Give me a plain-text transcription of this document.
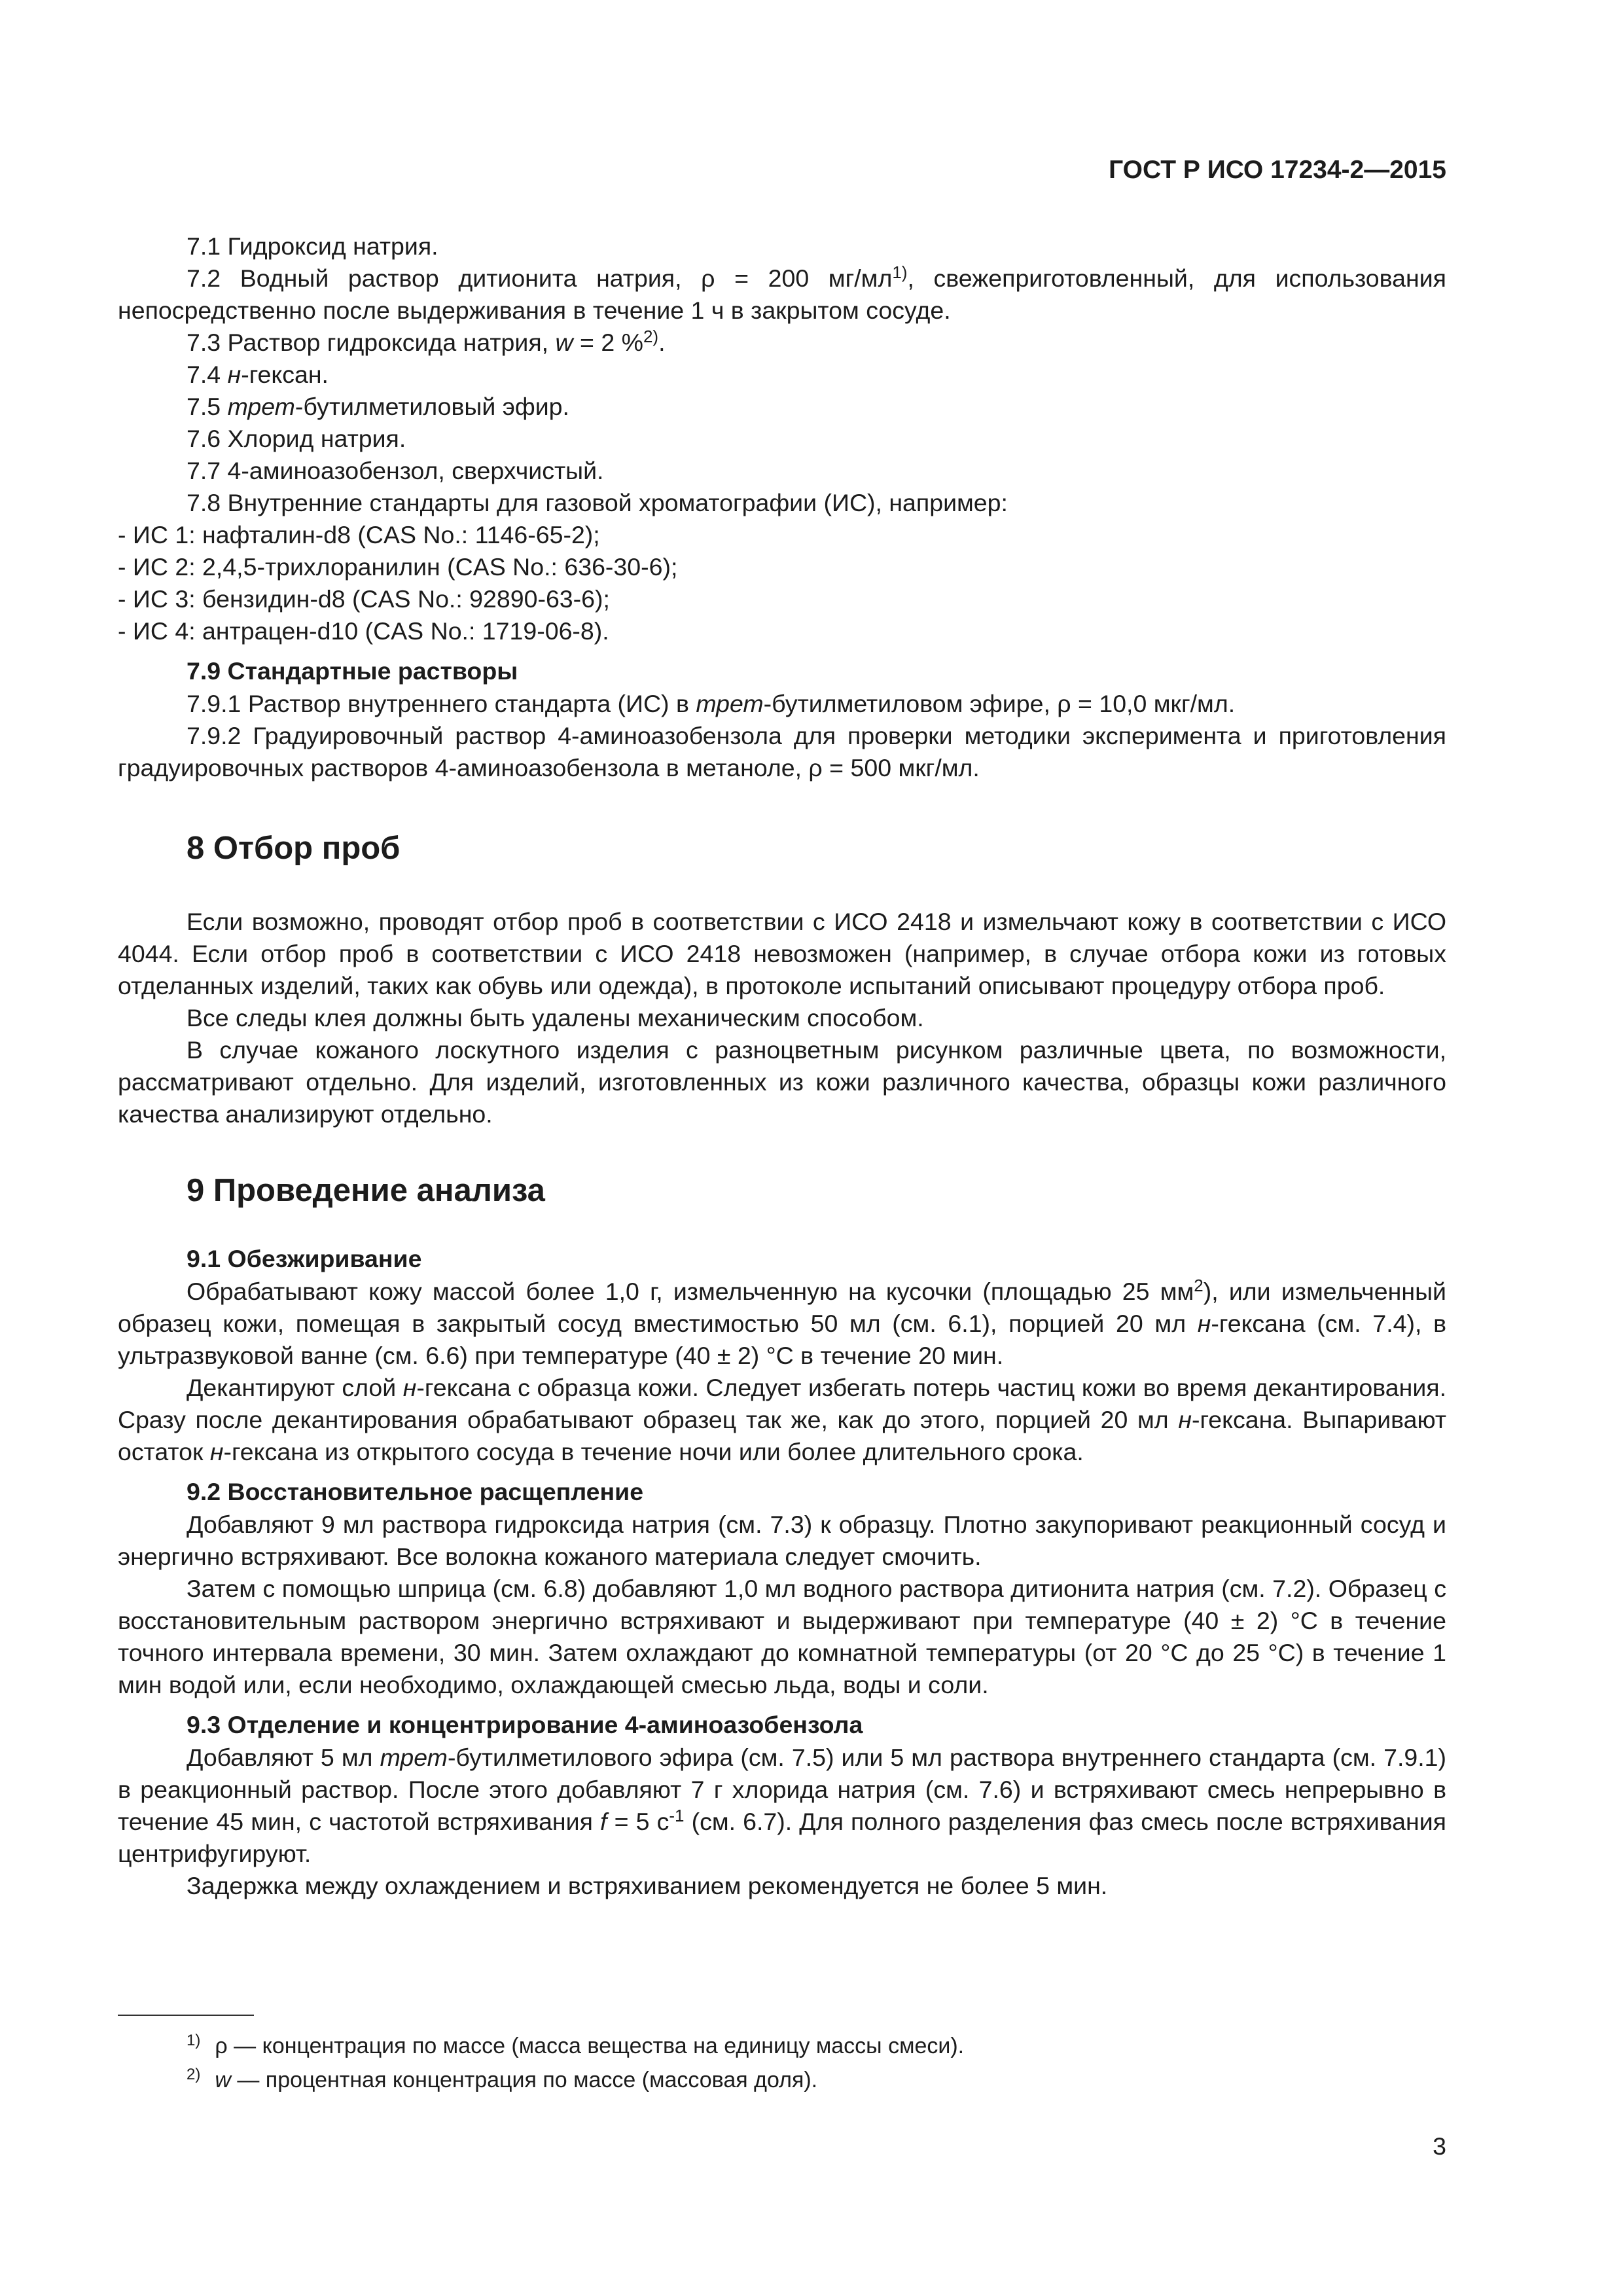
ГОСТ Р ИСО 17234-2—2015
7.1 Гидроксид натрия.
7.2 Водный раствор дитионита натрия, ρ = 200 $мг/мл^{1)}$, свежеприготовленный, для использования непосредственно после выдерживания в течение 1 ч в закрытом сосуде.
7.3 Раствор гидроксида натрия, w = 2 %$^{2)}$.
7.4 н-гексан.
7.5 трет-бутилметиловый эфир.
7.6 Хлорид натрия.
7.7 4-аминоазобензол, сверхчистый.
7.8 Внутренние стандарты для газовой хроматографии (ИС), например:
- ИС 1: нафталин-d8 (CAS No.: 1146-65-2);
- ИС 2: 2,4,5-трихлоранилин (CAS No.: 636-30-6);
- ИС 3: бензидин-d8 (CAS No.: 92890-63-6);
- ИС 4: антрацен-d10 (CAS No.: 1719-06-8).
7.9 Стандартные растворы
7.9.1 Раствор внутреннего стандарта (ИС) в трет-бутилметиловом эфире, ρ = 10,0 мкг/мл.
7.9.2 Градуировочный раствор 4-аминоазобензола для проверки методики эксперимента и приготовления градуировочных растворов 4-аминоазобензола в метаноле, ρ = 500 мкг/мл.
8 Отбор проб

Если возможно, проводят отбор проб в соответствии с ИСО 2418 и измельчают кожу в соответствии с ИСО 4044. Если отбор проб в соответствии с ИСО 2418 невозможен (например, в случае отбора кожи из готовых отделанных изделий, таких как обувь или одежда), в протоколе испытаний описывают процедуру отбора проб.

Все следы клея должны быть удалены механическим способом.

В случае кожаного лоскутного изделия с разноцветным рисунком различные цвета, по возможности, рассматривают отдельно. Для изделий, изготовленных из кожи различного качества, образцы кожи различного качества анализируют отдельно.

9 Проведение анализа
9.1 Обезжиривание

Обрабатывают кожу массой более 1,0 г, измельченную на кусочки (площадью 25 $мм^2$), или измельченный образец кожи, помещая в закрытый сосуд вместимостью 50 мл (см. 6.1), порцией 20 мл н-гексана (см. 7.4), в ультразвуковой ванне (см. 6.6) при температуре (40 ± 2) °С в течение 20 мин.

Декантируют слой н-гексана с образца кожи. Следует избегать потерь частиц кожи во время декантирования. Сразу после декантирования обрабатывают образец так же, как до этого, порцией 20 мл н-гексана. Выпаривают остаток н-гексана из открытого сосуда в течение ночи или более длительного срока.

9.2 Восстановительное расщепление

Добавляют 9 мл раствора гидроксида натрия (см. 7.3) к образцу. Плотно закупоривают реакционный сосуд и энергично встряхивают. Все волокна кожаного материала следует смочить.

Затем с помощью шприца (см. 6.8) добавляют 1,0 мл водного раствора дитионита натрия (см. 7.2). Образец с восстановительным раствором энергично встряхивают и выдерживают при температуре (40 ± 2) °С в течение точного интервала времени, 30 мин. Затем охлаждают до комнатной температуры (от 20 °С до 25 °С) в течение 1 мин водой или, если необходимо, охлаждающей смесью льда, воды и соли.

9.3 Отделение и концентрирование 4-аминоазобензола

Добавляют 5 мл трет-бутилметилового эфира (см. 7.5) или 5 мл раствора внутреннего стандарта (см. 7.9.1) в реакционный раствор. После этого добавляют 7 г хлорида натрия (см. 7.6) и встряхивают смесь непрерывно в течение 45 мин, с частотой встряхивания f = 5 $с^{-1}$ (см. 6.7). Для полного разделения фаз смесь после встряхивания центрифугируют.

Задержка между охлаждением и встряхиванием рекомендуется не более 5 мин.

$^{1)}$ ρ — концентрация по массе (масса вещества на единицу массы смеси).
$^{2)}$ w — процентная концентрация по массе (массовая доля).
3
